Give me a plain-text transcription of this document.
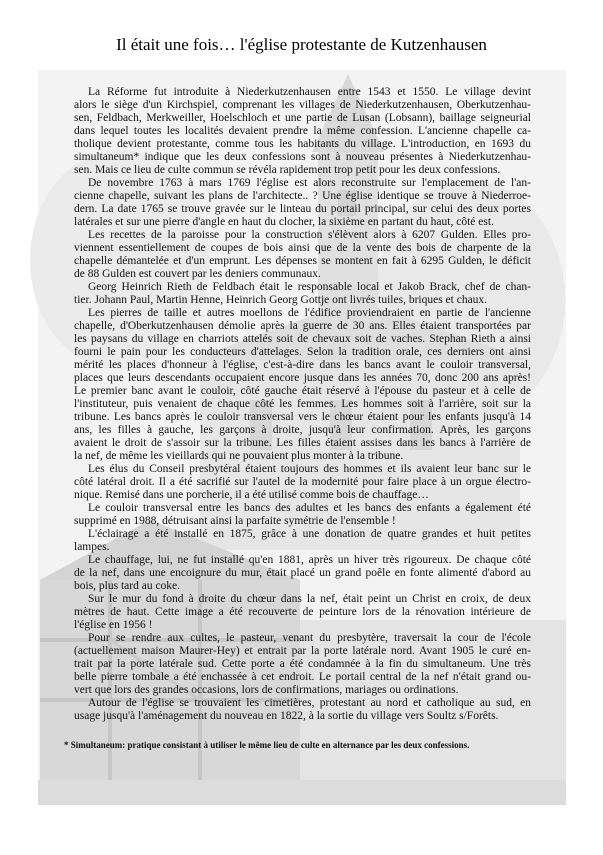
Il était une fois… l'église protestante de Kutzenhausen
La Réforme fut introduite à Niederkutzenhausen entre 1543 et 1550. Le village devint
alors le siège d'un Kirchspiel, comprenant les villages de Niederkutzenhausen, Oberkutzenhau-
sen, Feldbach, Merkweiller, Hoelschloch et une partie de Lusan (Lobsann), baillage seigneurial
dans lequel toutes les localités devaient prendre la même confession. L'ancienne chapelle ca-
tholique devient protestante, comme tous les habitants du village. L'introduction, en 1693 du
simultaneum* indique que les deux confessions sont à nouveau présentes à Niederkutzenhau-
sen. Mais ce lieu de culte commun se révéla rapidement trop petit pour les deux confessions.
De novembre 1763 à mars 1769 l'église est alors reconstruite sur l'emplacement de l'an-
cienne chapelle, suivant les plans de l'architecte.. ? Une église identique se trouve à Niederroe-
dern. La date 1765 se trouve gravée sur le linteau du portail principal, sur celui des deux portes
latérales et sur une pierre d'angle en haut du clocher, la sixième en partant du haut, côté est.
Les recettes de la paroisse pour la construction s'élèvent alors à 6207 Gulden. Elles pro-
viennent essentiellement de coupes de bois ainsi que de la vente des bois de charpente de la
chapelle démantelée et d'un emprunt. Les dépenses se montent en fait à 6295 Gulden, le déficit
de 88 Gulden est couvert par les deniers communaux.
Georg Heinrich Rieth de Feldbach était le responsable local et Jakob Brack, chef de chan-
tier. Johann Paul, Martin Henne, Heinrich Georg Gottje ont livrés tuiles, briques et chaux.
Les pierres de taille et autres moellons de l'édifice proviendraient en partie de l'ancienne
chapelle, d'Oberkutzenhausen démolie après la guerre de 30 ans. Elles étaient transportées par
les paysans du village en charriots attelés soit de chevaux soit de vaches. Stephan Rieth a ainsi
fourni le pain pour les conducteurs d'attelages. Selon la tradition orale, ces derniers ont ainsi
mérité les places d'honneur à l'église, c'est-à-dire dans les bancs avant le couloir transversal,
places que leurs descendants occupaient encore jusque dans les années 70, donc 200 ans après!
Le premier banc avant le couloir, côté gauche était réservé à l'épouse du pasteur et à celle de
l'instituteur, puis venaient de chaque côté les femmes. Les hommes soit à l'arrière, soit sur la
tribune. Les bancs après le couloir transversal vers le chœur étaient pour les enfants jusqu'à 14
ans, les filles à gauche, les garçons à droite, jusqu'à leur confirmation. Après, les garçons
avaient le droit de s'assoir sur la tribune. Les filles étaient assises dans les bancs à l'arrière de
la nef, de même les vieillards qui ne pouvaient plus monter à la tribune.
Les élus du Conseil presbytéral étaient toujours des hommes et ils avaient leur banc sur le
côté latéral droit. Il a été sacrifié sur l'autel de la modernité pour faire place à un orgue électro-
nique. Remisé dans une porcherie, il a été utilisé comme bois de chauffage…
Le couloir transversal entre les bancs des adultes et les bancs des enfants a également été
supprimé en 1988, détruisant ainsi la parfaite symétrie de l'ensemble !
L'éclairage a été installé en 1875, grâce à une donation de quatre grandes et huit petites
lampes.
Le chauffage, lui, ne fut installé qu'en 1881, après un hiver très rigoureux. De chaque côté
de la nef, dans une encoignure du mur, était placé un grand poêle en fonte alimenté d'abord au
bois, plus tard au coke.
Sur le mur du fond à droite du chœur dans la nef, était peint un Christ en croix, de deux
mètres de haut. Cette image a été recouverte de peinture lors de la rénovation intérieure de
l'église en 1956 !
Pour se rendre aux cultes, le pasteur, venant du presbytère, traversait la cour de l'école
(actuellement maison Maurer-Hey) et entrait par la porte latérale nord. Avant 1905 le curé en-
trait par la porte latérale sud. Cette porte a été condamnée à la fin du simultaneum. Une très
belle pierre tombale a été enchassée à cet endroit. Le portail central de la nef n'était grand ou-
vert que lors des grandes occasions, lors de confirmations, mariages ou ordinations.
Autour de l'église se trouvaient les cimetières, protestant au nord et catholique au sud, en
usage jusqu'à l'aménagement du nouveau en 1822, à la sortie du village vers Soultz s/Forêts.
* Simultaneum: pratique consistant à utiliser le même lieu de culte en alternance par les deux confessions.
